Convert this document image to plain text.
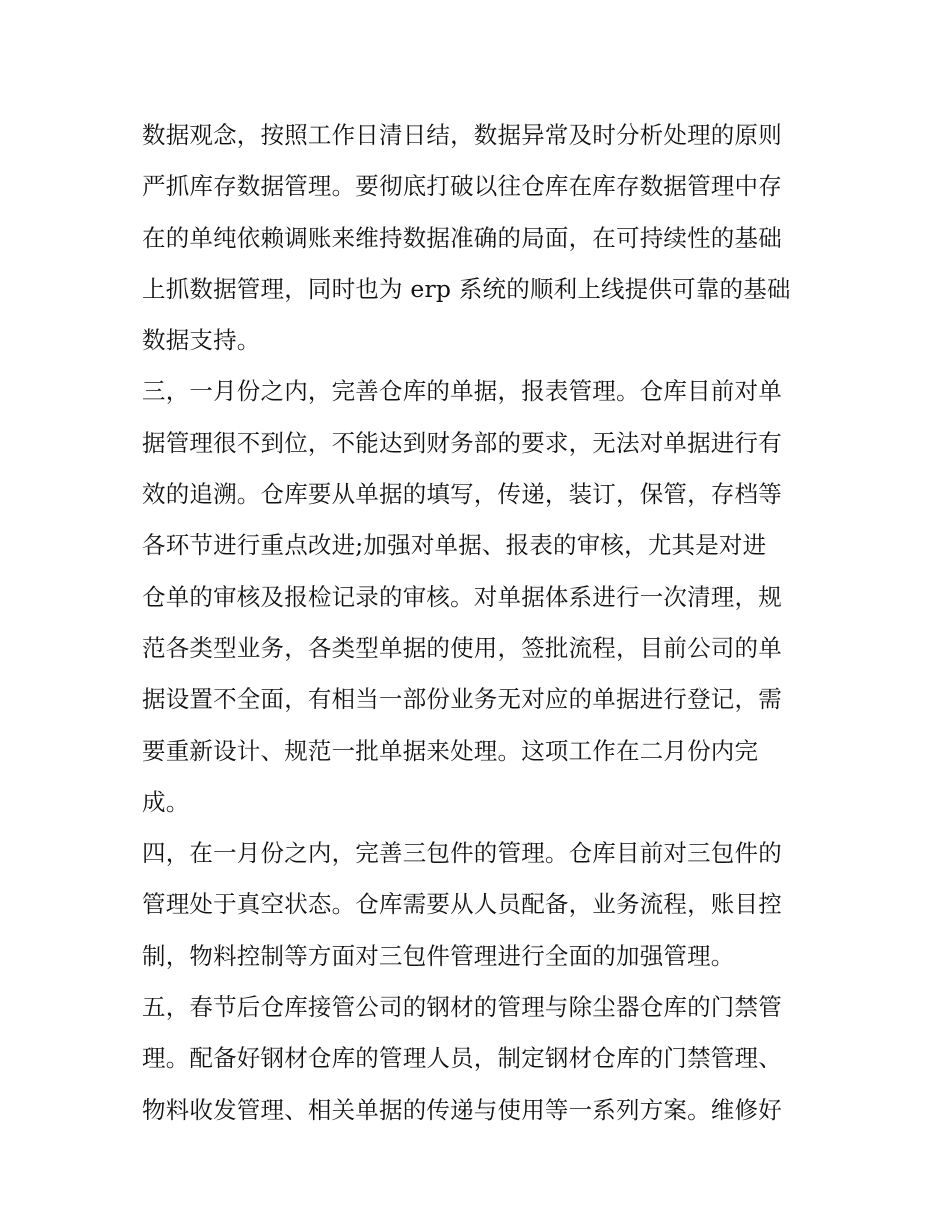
数据观念，按照工作日清日结，数据异常及时分析处理的原则
严抓库存数据管理。要彻底打破以往仓库在库存数据管理中存
在的单纯依赖调账来维持数据准确的局面，在可持续性的基础
上抓数据管理，同时也为 erp 系统的顺利上线提供可靠的基础
数据支持。
三，一月份之内，完善仓库的单据，报表管理。仓库目前对单
据管理很不到位，不能达到财务部的要求，无法对单据进行有
效的追溯。仓库要从单据的填写，传递，装订，保管，存档等
各环节进行重点改进;加强对单据、报表的审核，尤其是对进
仓单的审核及报检记录的审核。对单据体系进行一次清理，规
范各类型业务，各类型单据的使用，签批流程，目前公司的单
据设置不全面，有相当一部份业务无对应的单据进行登记，需
要重新设计、规范一批单据来处理。这项工作在二月份内完
成。
四，在一月份之内，完善三包件的管理。仓库目前对三包件的
管理处于真空状态。仓库需要从人员配备，业务流程，账目控
制，物料控制等方面对三包件管理进行全面的加强管理。
五，春节后仓库接管公司的钢材的管理与除尘器仓库的门禁管
理。配备好钢材仓库的管理人员，制定钢材仓库的门禁管理、
物料收发管理、相关单据的传递与使用等一系列方案。维修好
